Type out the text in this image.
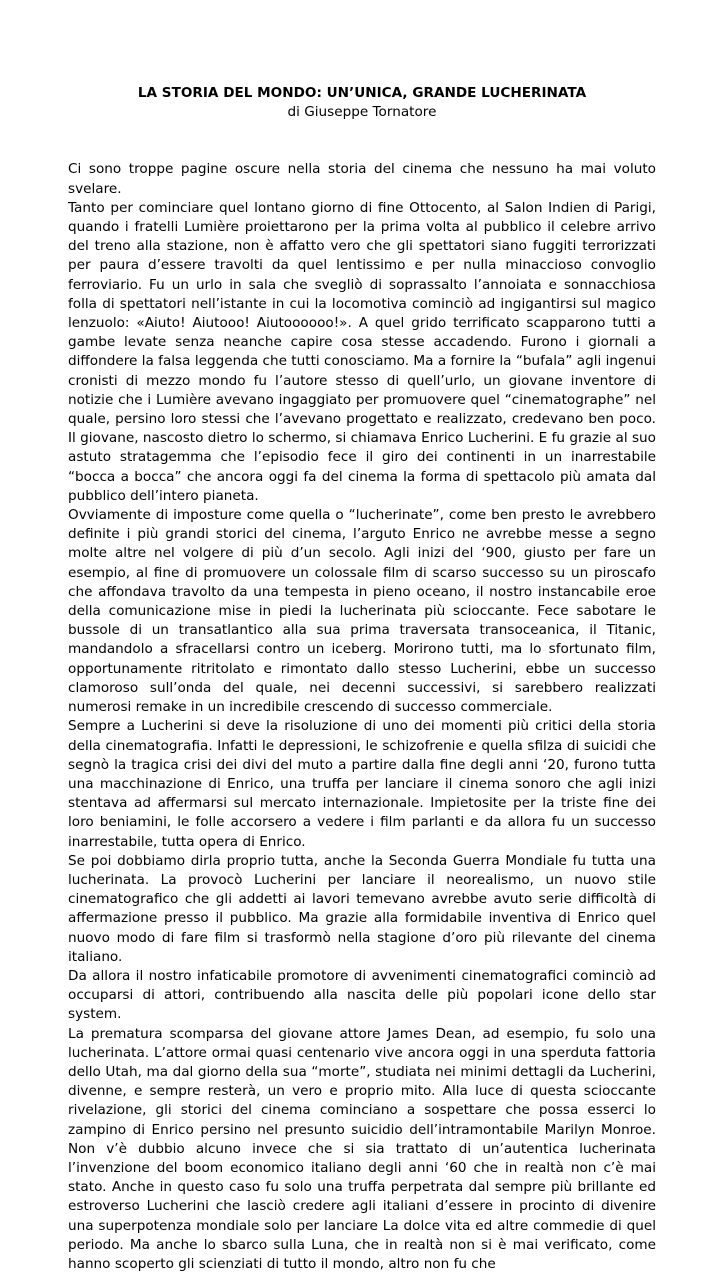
LA STORIA DEL MONDO: UN’UNICA, GRANDE LUCHERINATA

di Giuseppe Tornatore

Ci sono troppe pagine oscure nella storia del cinema che nessuno ha mai voluto svelare.

Tanto per cominciare quel lontano giorno di fine Ottocento, al Salon Indien di Parigi, quando i fratelli Lumière proiettarono per la prima volta al pubblico il celebre arrivo del treno alla stazione, non è affatto vero che gli spettatori siano fuggiti terrorizzati per paura d’essere travolti da quel lentissimo e per nulla minaccioso convoglio ferroviario. Fu un urlo in sala che svegliò di soprassalto l’annoiata e sonnacchiosa folla di spettatori nell’istante in cui la locomotiva cominciò ad ingigantirsi sul magico lenzuolo: «Aiuto! Aiutooo! Aiutoooooo!». A quel grido terrificato scapparono tutti a gambe levate senza neanche capire cosa stesse accadendo. Furono i giornali a diffondere la falsa leggenda che tutti conosciamo. Ma a fornire la “bufala” agli ingenui cronisti di mezzo mondo fu l’autore stesso di quell’urlo, un giovane inventore di notizie che i Lumière avevano ingaggiato per promuovere quel “cinematographe” nel quale, persino loro stessi che l’avevano progettato e realizzato, credevano ben poco. Il giovane, nascosto dietro lo schermo, si chiamava Enrico Lucherini. E fu grazie al suo astuto stratagemma che l’episodio fece il giro dei continenti in un inarrestabile “bocca a bocca” che ancora oggi fa del cinema la forma di spettacolo più amata dal pubblico dell’intero pianeta.

Ovviamente di imposture come quella o “lucherinate”, come ben presto le avrebbero definite i più grandi storici del cinema, l’arguto Enrico ne avrebbe messe a segno molte altre nel volgere di più d’un secolo. Agli inizi del ‘900, giusto per fare un esempio, al fine di promuovere un colossale film di scarso successo su un piroscafo che affondava travolto da una tempesta in pieno oceano, il nostro instancabile eroe della comunicazione mise in piedi la lucherinata più scioccante. Fece sabotare le bussole di un transatlantico alla sua prima traversata transoceanica, il Titanic, mandandolo a sfracellarsi contro un iceberg. Morirono tutti, ma lo sfortunato film, opportunamente ritritolato e rimontato dallo stesso Lucherini, ebbe un successo clamoroso sull’onda del quale, nei decenni successivi, si sarebbero realizzati numerosi remake in un incredibile crescendo di successo commerciale.

Sempre a Lucherini si deve la risoluzione di uno dei momenti più critici della storia della cinematografia. Infatti le depressioni, le schizofrenie e quella sfilza di suicidi che segnò la tragica crisi dei divi del muto a partire dalla fine degli anni ‘20, furono tutta una macchinazione di Enrico, una truffa per lanciare il cinema sonoro che agli inizi stentava ad affermarsi sul mercato internazionale. Impietosite per la triste fine dei loro beniamini, le folle accorsero a vedere i film parlanti e da allora fu un successo inarrestabile, tutta opera di Enrico.

Se poi dobbiamo dirla proprio tutta, anche la Seconda Guerra Mondiale fu tutta una lucherinata. La provocò Lucherini per lanciare il neorealismo, un nuovo stile cinematografico che gli addetti ai lavori temevano avrebbe avuto serie difficoltà di affermazione presso il pubblico. Ma grazie alla formidabile inventiva di Enrico quel nuovo modo di fare film si trasformò nella stagione d’oro più rilevante del cinema italiano.

Da allora il nostro infaticabile promotore di avvenimenti cinematografici cominciò ad occuparsi di attori, contribuendo alla nascita delle più popolari icone dello star system.

La prematura scomparsa del giovane attore James Dean, ad esempio, fu solo una lucherinata. L’attore ormai quasi centenario vive ancora oggi in una sperduta fattoria dello Utah, ma dal giorno della sua “morte”, studiata nei minimi dettagli da Lucherini, divenne, e sempre resterà, un vero e proprio mito. Alla luce di questa scioccante rivelazione, gli storici del cinema cominciano a sospettare che possa esserci lo zampino di Enrico persino nel presunto suicidio dell’intramontabile Marilyn Monroe. Non v’è dubbio alcuno invece che si sia trattato di un’autentica lucherinata l’invenzione del boom economico italiano degli anni ‘60 che in realtà non c’è mai stato. Anche in questo caso fu solo una truffa perpetrata dal sempre più brillante ed estroverso Lucherini che lasciò credere agli italiani d’essere in procinto di divenire una superpotenza mondiale solo per lanciare La dolce vita ed altre commedie di quel periodo. Ma anche lo sbarco sulla Luna, che in realtà non si è mai verificato, come hanno scoperto gli scienziati di tutto il mondo, altro non fu che
